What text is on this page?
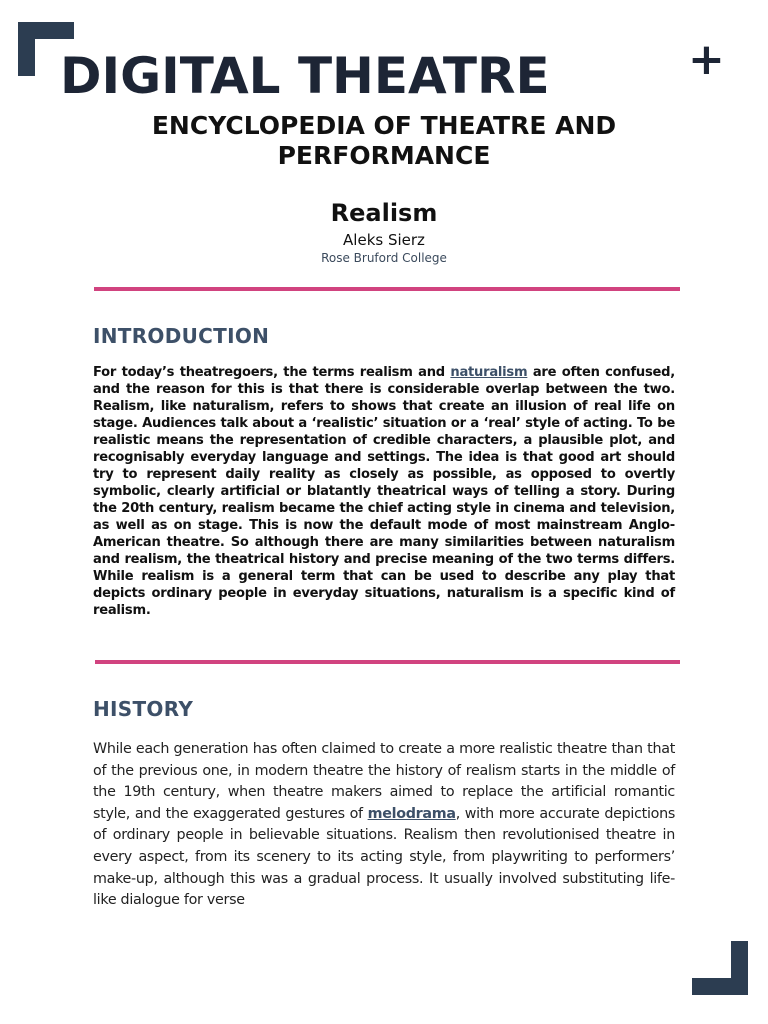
DIGITAL THEATRE	+
ENCYCLOPEDIA OF THEATRE AND PERFORMANCE
Realism
Aleks Sierz
Rose Bruford College
INTRODUCTION

For today’s theatregoers, the terms realism and naturalism are often confused, and the reason for this is that there is considerable overlap between the two. Realism, like naturalism, refers to shows that create an illusion of real life on stage. Audiences talk about a ‘realistic’ situation or a ‘real’ style of acting. To be realistic means the representation of credible characters, a plausible plot, and recognisably everyday language and settings. The idea is that good art should try to represent daily reality as closely as possible, as opposed to overtly symbolic, clearly artificial or blatantly theatrical ways of telling a story. During the 20th century, realism became the chief acting style in cinema and television, as well as on stage. This is now the default mode of most mainstream Anglo-American theatre. So although there are many similarities between naturalism and realism, the theatrical history and precise meaning of the two terms differs. While realism is a general term that can be used to describe any play that depicts ordinary people in everyday situations, naturalism is a specific kind of realism.

HISTORY

While each generation has often claimed to create a more realistic theatre than that of the previous one, in modern theatre the history of realism starts in the middle of the 19th century, when theatre makers aimed to replace the artificial romantic style, and the exaggerated gestures of melodrama, with more accurate depictions of ordinary people in believable situations. Realism then revolutionised theatre in every aspect, from its scenery to its acting style, from playwriting to performers’ make-up, although this was a gradual process. It usually involved substituting life-like dialogue for verse
